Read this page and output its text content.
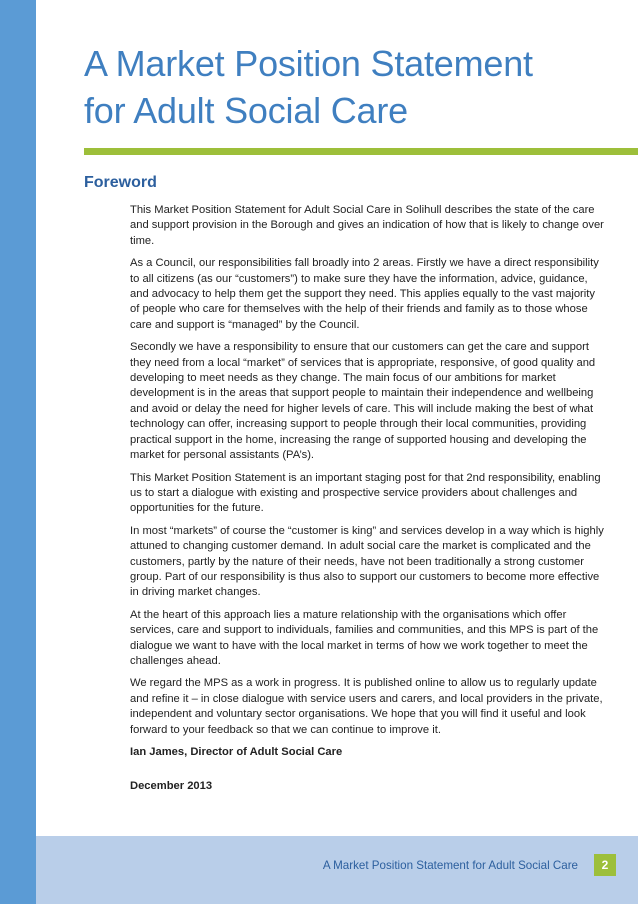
A Market Position Statement
for Adult Social Care
Foreword

This Market Position Statement for Adult Social Care in Solihull describes the state of the care and support provision in the Borough and gives an indication of how that is likely to change over time.

As a Council, our responsibilities fall broadly into 2 areas. Firstly we have a direct responsibility to all citizens (as our “customers”) to make sure they have the information, advice, guidance, and advocacy to help them get the support they need. This applies equally to the vast majority of people who care for themselves with the help of their friends and family as to those whose care and support is “managed” by the Council.

Secondly we have a responsibility to ensure that our customers can get the care and support they need from a local “market” of services that is appropriate, responsive, of good quality and developing to meet needs as they change. The main focus of our ambitions for market development is in the areas that support people to maintain their independence and wellbeing and avoid or delay the need for higher levels of care. This will include making the best of what technology can offer, increasing support to people through their local communities, providing practical support in the home, increasing the range of supported housing and developing the market for personal assistants (PA’s).

This Market Position Statement is an important staging post for that 2nd responsibility, enabling us to start a dialogue with existing and prospective service providers about challenges and opportunities for the future.

In most “markets” of course the “customer is king” and services develop in a way which is highly attuned to changing customer demand. In adult social care the market is complicated and the customers, partly by the nature of their needs, have not been traditionally a strong customer group. Part of our responsibility is thus also to support our customers to become more effective in driving market changes.

At the heart of this approach lies a mature relationship with the organisations which offer services, care and support to individuals, families and communities, and this MPS is part of the dialogue we want to have with the local market in terms of how we work together to meet the challenges ahead.

We regard the MPS as a work in progress. It is published online to allow us to regularly update and refine it – in close dialogue with service users and carers, and local providers in the private, independent and voluntary sector organisations. We hope that you will find it useful and look forward to your feedback so that we can continue to improve it.

Ian James, Director of Adult Social Care

December 2013

A Market Position Statement for Adult Social Care	2
